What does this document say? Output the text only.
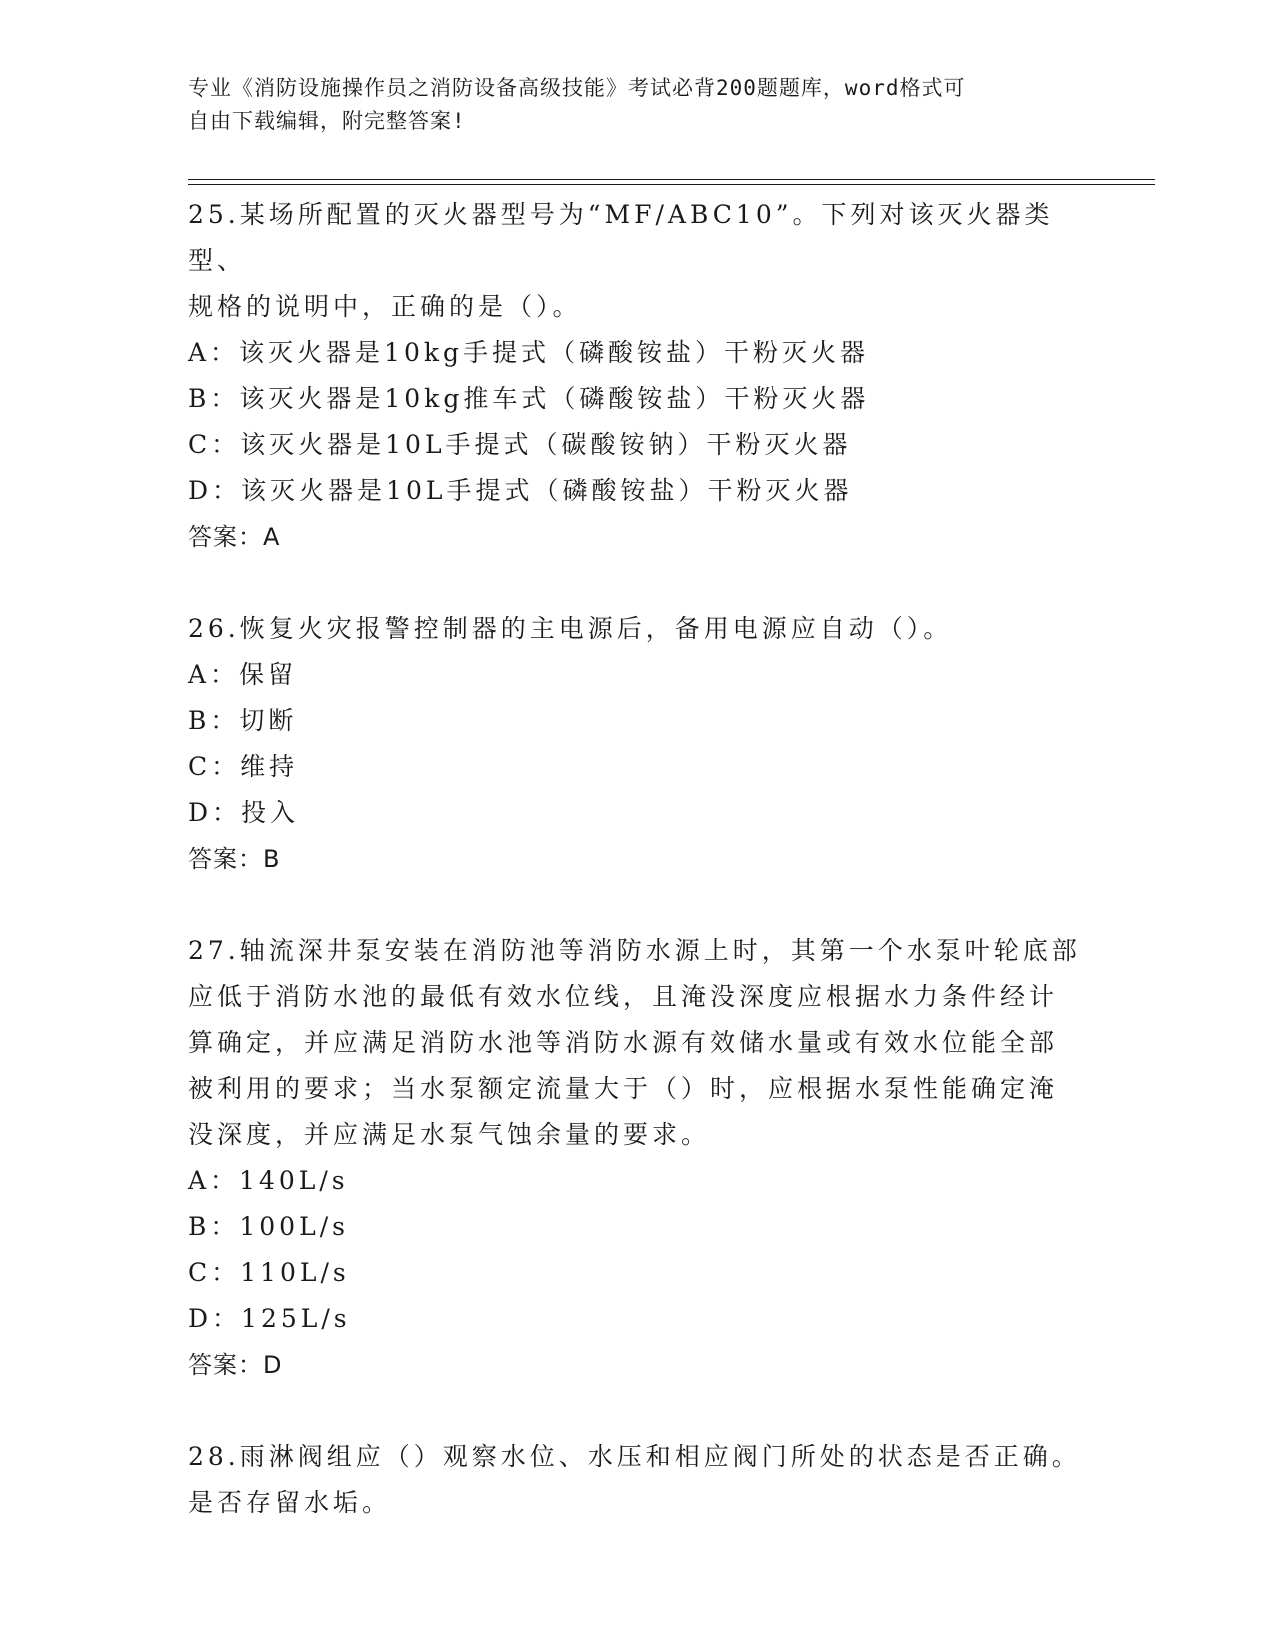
专业《消防设施操作员之消防设备高级技能》考试必背200题题库，word格式可
自由下载编辑，附完整答案!

25.某场所配置的灭火器型号为“MF/ABC10”。下列对该灭火器类型、

规格的说明中，正确的是（）。

A：该灭火器是10kg手提式（磷酸铵盐）干粉灭火器

B：该灭火器是10kg推车式（磷酸铵盐）干粉灭火器

C：该灭火器是10L手提式（碳酸铵钠）干粉灭火器

D：该灭火器是10L手提式（磷酸铵盐）干粉灭火器

答案：A

26.恢复火灾报警控制器的主电源后，备用电源应自动（）。

A：保留

B：切断

C：维持

D：投入

答案：B

27.轴流深井泵安装在消防池等消防水源上时，其第一个水泵叶轮底部

应低于消防水池的最低有效水位线，且淹没深度应根据水力条件经计

算确定，并应满足消防水池等消防水源有效储水量或有效水位能全部

被利用的要求；当水泵额定流量大于（）时，应根据水泵性能确定淹

没深度，并应满足水泵气蚀余量的要求。

A：140L/s

B：100L/s

C：110L/s

D：125L/s

答案：D

28.雨淋阀组应（）观察水位、水压和相应阀门所处的状态是否正确。

是否存留水垢。
